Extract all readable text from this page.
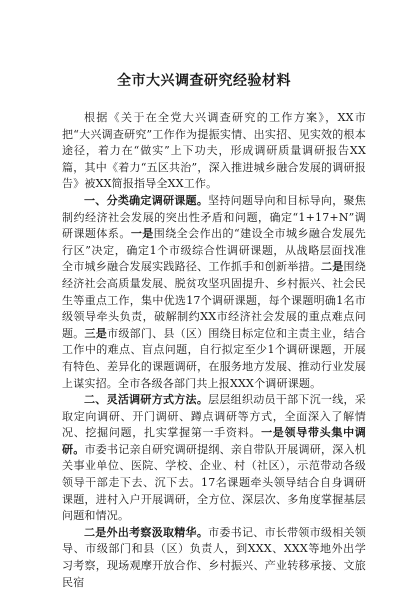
全市大兴调查研究经验材料

根据《关于在全党大兴调查研究的工作方案》，XX市把“大兴调查研究”工作作为提振实情、出实招、见实效的根本途径，着力在“做实”上下功夫，形成调研质量调研报告XX篇，其中《着力“五区共治”，深入推进城乡融合发展的调研报告》被XX简报指导全XX工作。

一、分类确定调研课题。坚持问题导向和目标导向，聚焦制约经济社会发展的突出性矛盾和问题，确定“1+17+N”调研课题体系。一是围绕全会作出的“建设全市城乡融合发展先行区”决定，确定1个市级综合性调研课题，从战略层面找准全市城乡融合发展实践路径、工作抓手和创新举措。二是围绕经济社会高质量发展、脱贫攻坚巩固提升、乡村振兴、社会民生等重点工作，集中优选17个调研课题，每个课题明确1名市级领导牵头负责，破解制约XX市经济社会发展的重点难点问题。三是市级部门、县（区）围绕目标定位和主责主业，结合工作中的难点、盲点问题，自行拟定至少1个调研课题，开展有特色、差异化的课题调研，在服务地方发展、推动行业发展上谋实招。全市各级各部门共上报XXX个调研课题。

二、灵活调研方式方法。层层组织动员干部下沉一线，采取定向调研、开门调研、蹲点调研等方式，全面深入了解情况、挖掘问题，扎实掌握第一手资料。一是领导带头集中调研。市委书记亲自研究调研提纲、亲自带队开展调研，深入机关事业单位、医院、学校、企业、村（社区），示范带动各级领导干部走下去、沉下去。17名课题牵头领导结合自身调研课题，进村入户开展调研，全方位、深层次、多角度掌握基层问题和情况。

二是外出考察汲取精华。市委书记、市长带领市级相关领导、市级部门和县（区）负责人，到XXX、XXX等地外出学习考察，现场观摩开放合作、乡村振兴、产业转移承接、文旅民宿
